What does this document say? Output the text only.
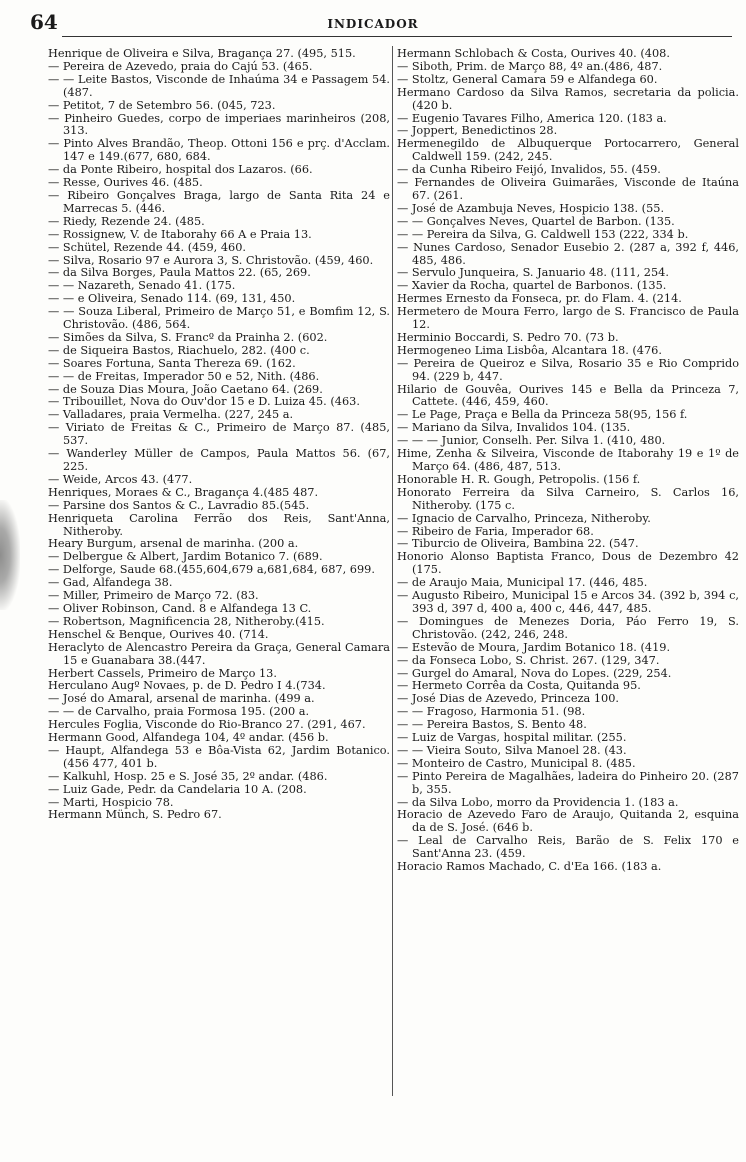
64	INDICADOR

Henrique de Oliveira e Silva, Bragança 27. (495, 515.

— Pereira de Azevedo, praia do Cajú 53. (465.

— — Leite Bastos, Visconde de Inhaúma 34 e Passagem 54. (487.

— Petitot, 7 de Setembro 56. (045, 723.

— Pinheiro Guedes, corpo de imperiaes marinheiros (208, 313.

— Pinto Alves Brandão, Theop. Ottoni 156 e prç. d'Acclam. 147 e 149.(677, 680, 684.

— da Ponte Ribeiro, hospital dos Lazaros. (66.

— Resse, Ourives 46. (485.

— Ribeiro Gonçalves Braga, largo de Santa Rita 24 e Marrecas 5. (446.

— Riedy, Rezende 24. (485.

— Rossignew, V. de Itaborahy 66 A e Praia 13.

— Schütel, Rezende 44. (459, 460.

— Silva, Rosario 97 e Aurora 3, S. Christovão. (459, 460.

— da Silva Borges, Paula Mattos 22. (65, 269.

— — Nazareth, Senado 41. (175.

— — e Oliveira, Senado 114. (69, 131, 450.

— — Souza Liberal, Primeiro de Março 51, e Bomfim 12, S. Christovão. (486, 564.

— Simões da Silva, S. Francº da Prainha 2. (602.

— de Siqueira Bastos, Riachuelo, 282. (400 c.

— Soares Fortuna, Santa Thereza 69. (162.

— — de Freitas, Imperador 50 e 52, Nith. (486.

— de Souza Dias Moura, João Caetano 64. (269.

— Tribouillet, Nova do Ouv'dor 15 e D. Luiza 45. (463.

— Valladares, praia Vermelha. (227, 245 a.

— Viriato de Freitas & C., Primeiro de Março 87. (485, 537.

— Wanderley Müller de Campos, Paula Mattos 56. (67, 225.

— Weide, Arcos 43. (477.

Henriques, Moraes & C., Bragança 4.(485 487.

— Parsine dos Santos & C., Lavradio 85.(545.

Henriqueta Carolina Ferrão dos Reis, Sant'Anna, Nitheroby.

Heary Burgum, arsenal de marinha. (200 a.

— Delbergue & Albert, Jardim Botanico 7. (689.

— Delforge, Saude 68.(455,604,679 a,681,684, 687, 699.

— Gad, Alfandega 38.

— Miller, Primeiro de Março 72. (83.

— Oliver Robinson, Cand. 8 e Alfandega 13 C.

— Robertson, Magnificencia 28, Nitheroby.(415.

Henschel & Benque, Ourives 40. (714.

Heraclyto de Alencastro Pereira da Graça, General Camara 15 e Guanabara 38.(447.

Herbert Cassels, Primeiro de Março 13.

Herculano Augº Novaes, p. de D. Pedro I 4.(734.

— José do Amaral, arsenal de marinha. (499 a.

— — de Carvalho, praia Formosa 195. (200 a.

Hercules Foglia, Visconde do Rio-Branco 27. (291, 467.

Hermann Good, Alfandega 104, 4º andar. (456 b.

— Haupt, Alfandega 53 e Bôa-Vista 62, Jardim Botanico. (456 477, 401 b.

— Kalkuhl, Hosp. 25 e S. José 35, 2º andar. (486.

— Luiz Gade, Pedr. da Candelaria 10 A. (208.

— Marti, Hospicio 78.

Hermann Münch, S. Pedro 67.

Hermann Schlobach & Costa, Ourives 40. (408.

— Siboth, Prim. de Março 88, 4º an.(486, 487.

— Stoltz, General Camara 59 e Alfandega 60.

Hermano Cardoso da Silva Ramos, secretaria da policia. (420 b.

— Eugenio Tavares Filho, America 120. (183 a.

— Joppert, Benedictinos 28.

Hermenegildo de Albuquerque Portocarrero, General Caldwell 159. (242, 245.

— da Cunha Ribeiro Feijó, Invalidos, 55. (459.

— Fernandes de Oliveira Guimarães, Visconde de Itaúna 67. (261.

— José de Azambuja Neves, Hospicio 138. (55.

— — Gonçalves Neves, Quartel de Barbon. (135.

— — Pereira da Silva, G. Caldwell 153 (222, 334 b.

— Nunes Cardoso, Senador Eusebio 2. (287 a, 392 f, 446, 485, 486.

— Servulo Junqueira, S. Januario 48. (111, 254.

— Xavier da Rocha, quartel de Barbonos. (135.

Hermes Ernesto da Fonseca, pr. do Flam. 4. (214.

Hermetero de Moura Ferro, largo de S. Francisco de Paula 12.

Herminio Boccardi, S. Pedro 70. (73 b.

Hermogeneo Lima Lisbôa, Alcantara 18. (476.

— Pereira de Queiroz e Silva, Rosario 35 e Rio Comprido 94. (229 b, 447.

Hilario de Gouvêa, Ourives 145 e Bella da Princeza 7, Cattete. (446, 459, 460.

— Le Page, Praça e Bella da Princeza 58(95, 156 f.

— Mariano da Silva, Invalidos 104. (135.

— — — Junior, Conselh. Per. Silva 1. (410, 480.

Hime, Zenha & Silveira, Visconde de Itaborahy 19 e 1º de Março 64. (486, 487, 513.

Honorable H. R. Gough, Petropolis. (156 f.

Honorato Ferreira da Silva Carneiro, S. Carlos 16, Nitheroby. (175 c.

— Ignacio de Carvalho, Princeza, Nitheroby.

— Ribeiro de Faria, Imperador 68.

— Tiburcio de Oliveira, Bambina 22. (547.

Honorio Alonso Baptista Franco, Dous de Dezembro 42 (175.

— de Araujo Maia, Municipal 17. (446, 485.

— Augusto Ribeiro, Municipal 15 e Arcos 34. (392 b, 394 c, 393 d, 397 d, 400 a, 400 c, 446, 447, 485.

— Domingues de Menezes Doria, Páo Ferro 19, S. Christovão. (242, 246, 248.

— Estevão de Moura, Jardim Botanico 18. (419.

— da Fonseca Lobo, S. Christ. 267. (129, 347.

— Gurgel do Amaral, Nova do Lopes. (229, 254.

— Hermeto Corrêa da Costa, Quitanda 95.

— José Dias de Azevedo, Princeza 100.

— — Fragoso, Harmonia 51. (98.

— — Pereira Bastos, S. Bento 48.

— Luiz de Vargas, hospital militar. (255.

— — Vieira Souto, Silva Manoel 28. (43.

— Monteiro de Castro, Municipal 8. (485.

— Pinto Pereira de Magalhães, ladeira do Pinheiro 20. (287 b, 355.

— da Silva Lobo, morro da Providencia 1. (183 a.

Horacio de Azevedo Faro de Araujo, Quitanda 2, esquina da de S. José. (646 b.

— Leal de Carvalho Reis, Barão de S. Felix 170 e Sant'Anna 23. (459.

Horacio Ramos Machado, C. d'Ea 166. (183 a.
